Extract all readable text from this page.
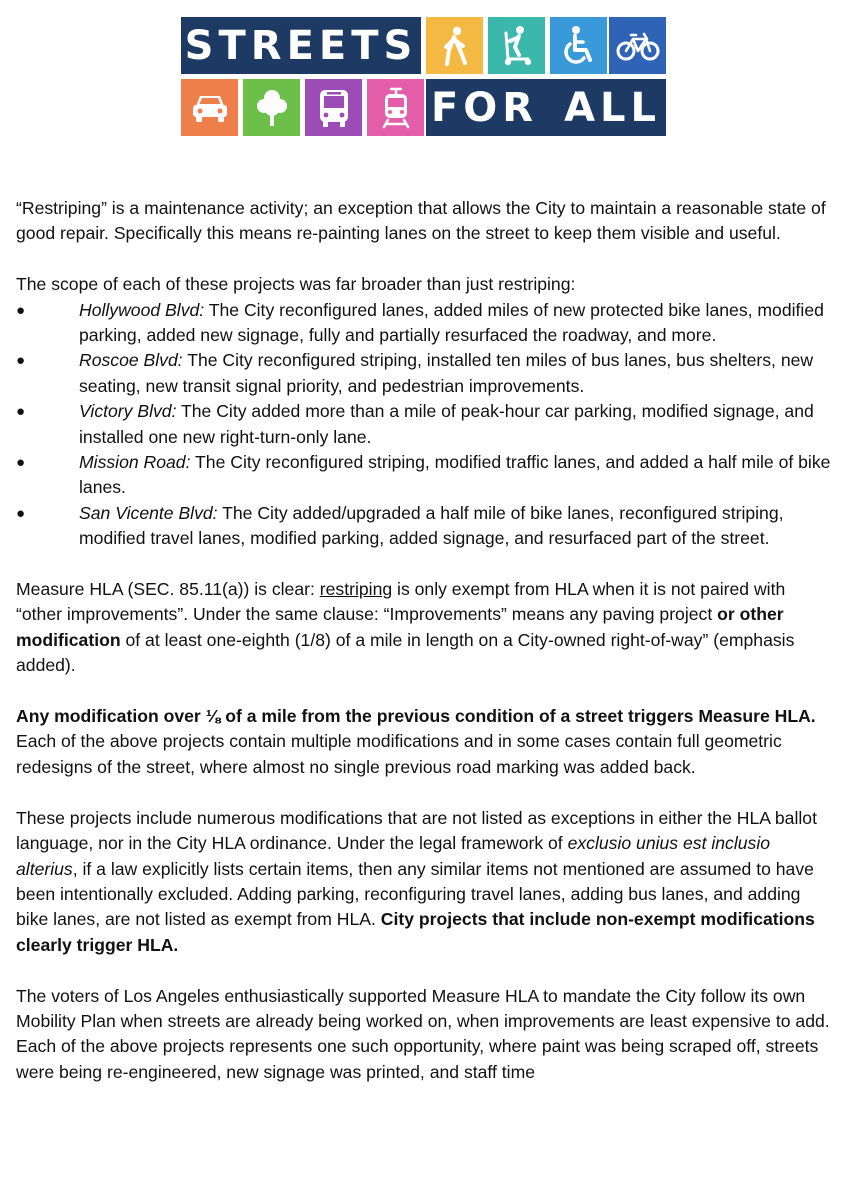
STREETS
FOR ALL

“Restriping” is a maintenance activity; an exception that allows the City to maintain a reasonable state of good repair. Specifically this means re-painting lanes on the street to keep them visible and useful.

The scope of each of these projects was far broader than just restriping:

●	Hollywood Blvd: The City reconfigured lanes, added miles of new protected bike lanes, modified parking, added new signage, fully and partially resurfaced the roadway, and more.
●	Roscoe Blvd: The City reconfigured striping, installed ten miles of bus lanes, bus shelters, new seating, new transit signal priority, and pedestrian improvements.
●	Victory Blvd: The City added more than a mile of peak-hour car parking, modified signage, and installed one new right-turn-only lane.
●	Mission Road: The City reconfigured striping, modified traffic lanes, and added a half mile of bike lanes.
●	San Vicente Blvd: The City added/upgraded a half mile of bike lanes, reconfigured striping, modified travel lanes, modified parking, added signage, and resurfaced part of the street.

Measure HLA (SEC. 85.11(a)) is clear: restriping is only exempt from HLA when it is not paired with “other improvements”. Under the same clause: “Improvements” means any paving project or other modification of at least one-eighth (1/8) of a mile in length on a City-owned right-of-way” (emphasis added).

Any modification over ⅛ of a mile from the previous condition of a street triggers Measure HLA. Each of the above projects contain multiple modifications and in some cases contain full geometric redesigns of the street, where almost no single previous road marking was added back.

These projects include numerous modifications that are not listed as exceptions in either the HLA ballot language, nor in the City HLA ordinance. Under the legal framework of exclusio unius est inclusio alterius, if a law explicitly lists certain items, then any similar items not mentioned are assumed to have been intentionally excluded. Adding parking, reconfiguring travel lanes, adding bus lanes, and adding bike lanes, are not listed as exempt from HLA. City projects that include non-exempt modifications clearly trigger HLA.

The voters of Los Angeles enthusiastically supported Measure HLA to mandate the City follow its own Mobility Plan when streets are already being worked on, when improvements are least expensive to add. Each of the above projects represents one such opportunity, where paint was being scraped off, streets were being re-engineered, new signage was printed, and staff time
